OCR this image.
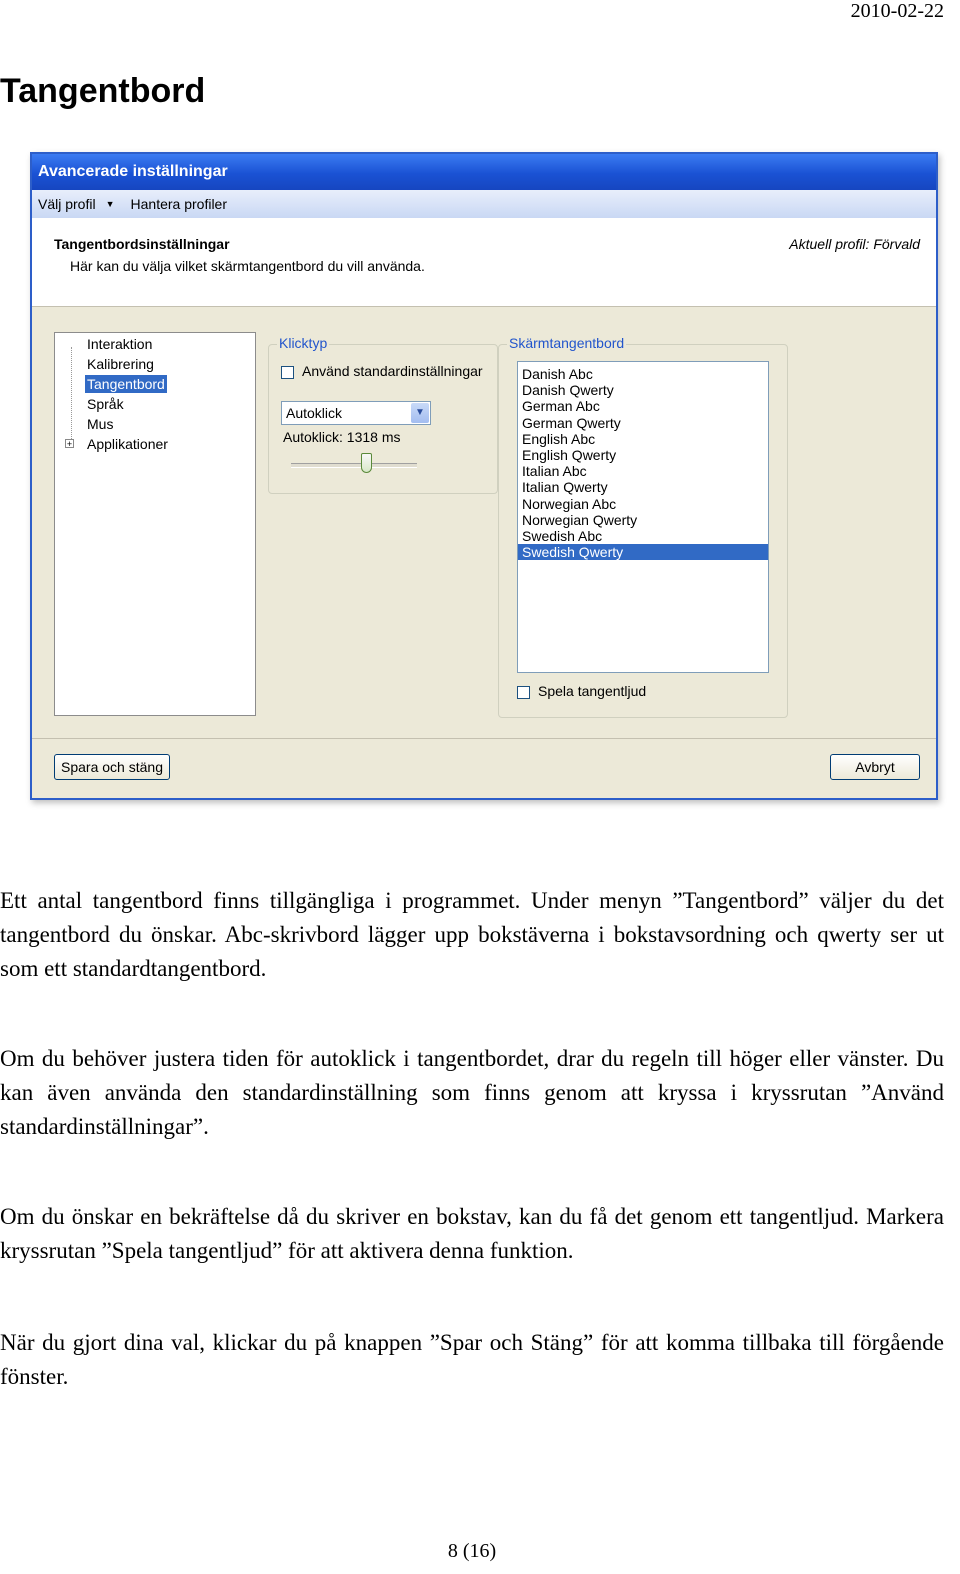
2010-02-22
Tangentbord
Avancerade inställningar
Välj profil ▼ Hantera profiler
Tangentbordsinställningar
Här kan du välja vilket skärmtangentbord du vill använda.
Aktuell profil: Förvald
Interaktion
Kalibrering
Tangentbord
Språk
Mus
+ Applikationer
Klicktyp
Använd standardinställningar
Autoklick	▼
Autoklick: 1318 ms
Skärmtangentbord
Danish Abc
Danish Qwerty
German Abc
German Qwerty
English Abc
English Qwerty
Italian Abc
Italian Qwerty
Norwegian Abc
Norwegian Qwerty
Swedish Abc
Swedish Qwerty
Spela tangentljud
Spara och stäng	Avbryt
Ett antal tangentbord finns tillgängliga i programmet. Under menyn ”Tangentbord” väljer du det tangentbord du önskar. Abc-skrivbord lägger upp bokstäverna i bokstavsordning och qwerty ser ut som ett standardtangentbord.
Om du behöver justera tiden för autoklick i tangentbordet, drar du regeln till höger eller vänster. Du kan även använda den standardinställning som finns genom att kryssa i kryssrutan ”Använd standardinställningar”.
Om du önskar en bekräftelse då du skriver en bokstav, kan du få det genom ett tangentljud. Markera kryssrutan ”Spela tangentljud” för att aktivera denna funktion.
När du gjort dina val, klickar du på knappen ”Spar och Stäng” för att komma tillbaka till förgående fönster.
8 (16)
